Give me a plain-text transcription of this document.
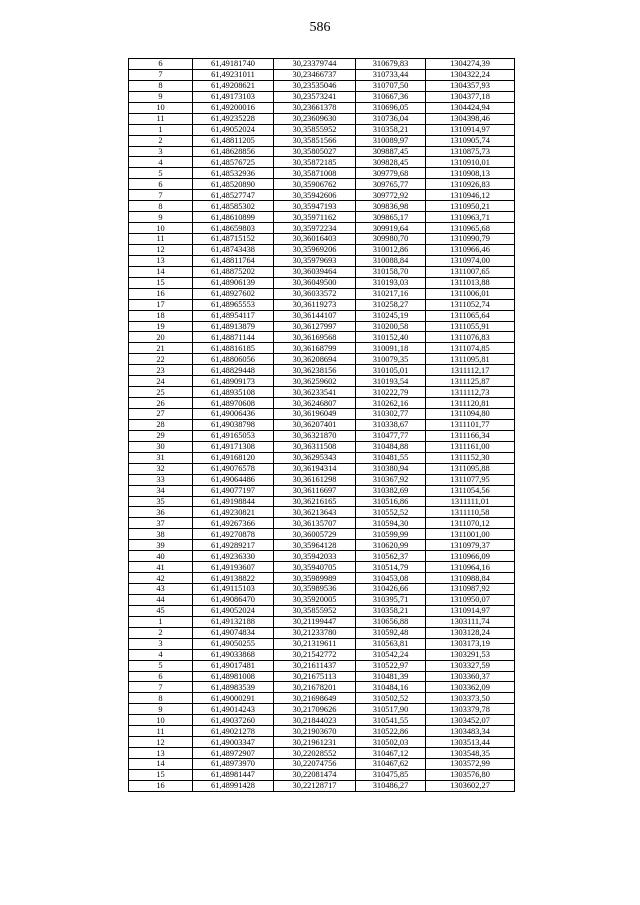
586
6	61,49181740	30,23379744	310679,83	1304274,39
7	61,49231011	30,23466737	310733,44	1304322,24
8	61,49208621	30,23535046	310707,50	1304357,93
9	61,49173103	30,23573241	310667,36	1304377,18
10	61,49200016	30,23661378	310696,05	1304424,94
11	61,49235228	30,23609630	310736,04	1304398,46
1	61,49052024	30,35855952	310358,21	1310914,97
2	61,48811205	30,35851566	310089,97	1310905,74
3	61,48628856	30,35805027	309887,45	1310875,73
4	61,48576725	30,35872185	309828,45	1310910,01
5	61,48532936	30,35871008	309779,68	1310908,13
6	61,48520890	30,35906762	309765,77	1310926,83
7	61,48527747	30,35942606	309772,92	1310946,12
8	61,48585302	30,35947193	309836,98	1310950,21
9	61,48610899	30,35971162	309865,17	1310963,71
10	61,48659803	30,35972234	309919,64	1310965,68
11	61,48715152	30,36016403	309980,70	1310990,79
12	61,48743438	30,35969206	310012,86	1310966,46
13	61,48811764	30,35979693	310088,84	1310974,00
14	61,48875202	30,36039464	310158,70	1311007,65
15	61,48906139	30,36049500	310193,03	1311013,88
16	61,48927602	30,36033572	310217,16	1311006,01
17	61,48965553	30,36119273	310258,27	1311052,74
18	61,48954117	30,36144107	310245,19	1311065,64
19	61,48913879	30,36127997	310200,58	1311055,91
20	61,48871144	30,36169568	310152,40	1311076,83
21	61,48816185	30,36168799	310091,18	1311074,85
22	61,48806056	30,36208694	310079,35	1311095,81
23	61,48829448	30,36238156	310105,01	1311112,17
24	61,48909173	30,36259602	310193,54	1311125,87
25	61,48935108	30,36233541	310222,79	1311112,73
26	61,48970608	30,36246807	310262,16	1311120,81
27	61,49006436	30,36196049	310302,77	1311094,80
28	61,49038798	30,36207401	310338,67	1311101,77
29	61,49165053	30,36321870	310477,77	1311166,34
30	61,49171308	30,36311508	310484,88	1311161,00
31	61,49168120	30,36295343	310481,55	1311152,30
32	61,49076578	30,36194314	310380,94	1311095,88
33	61,49064486	30,36161298	310367,92	1311077,95
34	61,49077197	30,36116697	310382,69	1311054,56
35	61,49198844	30,36216165	310516,86	1311111,01
36	61,49230821	30,36213643	310552,52	1311110,58
37	61,49267366	30,36135707	310594,30	1311070,12
38	61,49270878	30,36005729	310599,99	1311001,00
39	61,49289217	30,35964128	310620,99	1310979,37
40	61,49236330	30,35942033	310562,37	1310966,09
41	61,49193607	30,35940705	310514,79	1310964,16
42	61,49138822	30,35989989	310453,08	1310988,84
43	61,49115103	30,35989536	310426,66	1310987,92
44	61,49086470	30,35920005	310395,71	1310950,07
45	61,49052024	30,35855952	310358,21	1310914,97
1	61,49132188	30,21199447	310656,88	1303111,74
2	61,49074834	30,21233780	310592,48	1303128,24
3	61,49050255	30,21319611	310563,81	1303173,19
4	61,49033868	30,21542772	310542,24	1303291,53
5	61,49017481	30,21611437	310522,97	1303327,59
6	61,48981008	30,21675113	310481,39	1303360,37
7	61,48983539	30,21678201	310484,16	1303362,09
8	61,49000291	30,21698649	310502,52	1303373,50
9	61,49014243	30,21709626	310517,90	1303379,78
10	61,49037260	30,21844023	310541,55	1303452,07
11	61,49021278	30,21903670	310522,86	1303483,34
12	61,49003347	30,21961231	310502,03	1303513,44
13	61,48972907	30,22028552	310467,12	1303548,35
14	61,48973970	30,22074756	310467,62	1303572,99
15	61,48981447	30,22081474	310475,85	1303576,80
16	61,48991428	30,22128717	310486,27	1303602,27
